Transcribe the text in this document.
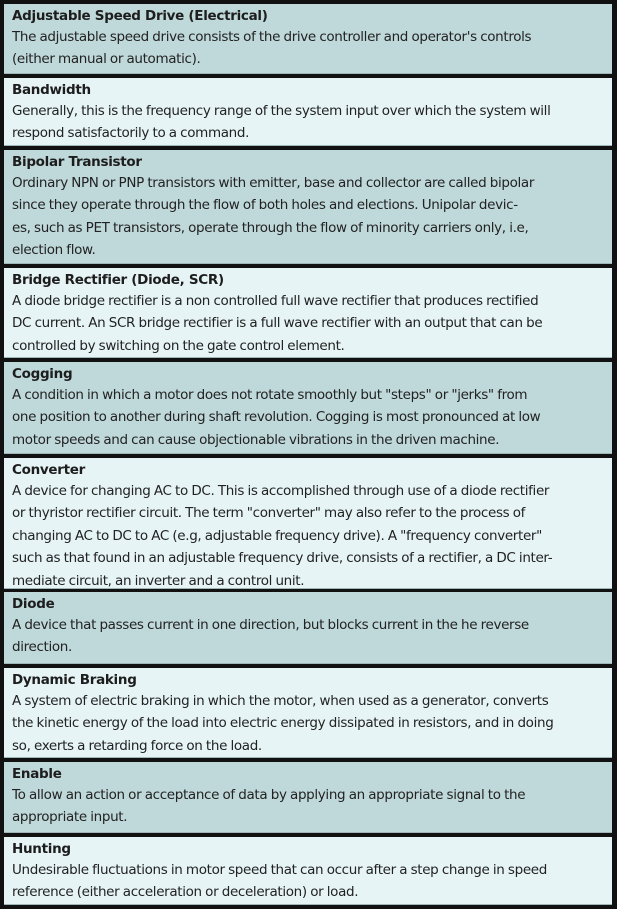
Adjustable Speed Drive (Electrical)
The adjustable speed drive consists of the drive controller and operator's controls
(either manual or automatic).
Bandwidth
Generally, this is the frequency range of the system input over which the system will
respond satisfactorily to a command.
Bipolar Transistor
Ordinary NPN or PNP transistors with emitter, base and collector are called bipolar
since they operate through the flow of both holes and elections. Unipolar devic-
es, such as PET transistors, operate through the flow of minority carriers only, i.e,
election flow.
Bridge Rectifier (Diode, SCR)
A diode bridge rectifier is a non controlled full wave rectifier that produces rectified
DC current. An SCR bridge rectifier is a full wave rectifier with an output that can be
controlled by switching on the gate control element.
Cogging
A condition in which a motor does not rotate smoothly but "steps" or "jerks" from
one position to another during shaft revolution. Cogging is most pronounced at low
motor speeds and can cause objectionable vibrations in the driven machine.
Converter
A device for changing AC to DC. This is accomplished through use of a diode rectifier
or thyristor rectifier circuit. The term "converter" may also refer to the process of
changing AC to DC to AC (e.g, adjustable frequency drive). A "frequency converter"
such as that found in an adjustable frequency drive, consists of a rectifier, a DC inter-
mediate circuit, an inverter and a control unit.
Diode
A device that passes current in one direction, but blocks current in the he reverse
direction.
Dynamic Braking
A system of electric braking in which the motor, when used as a generator, converts
the kinetic energy of the load into electric energy dissipated in resistors, and in doing
so, exerts a retarding force on the load.
Enable
To allow an action or acceptance of data by applying an appropriate signal to the
appropriate input.
Hunting
Undesirable fluctuations in motor speed that can occur after a step change in speed
reference (either acceleration or deceleration) or load.
